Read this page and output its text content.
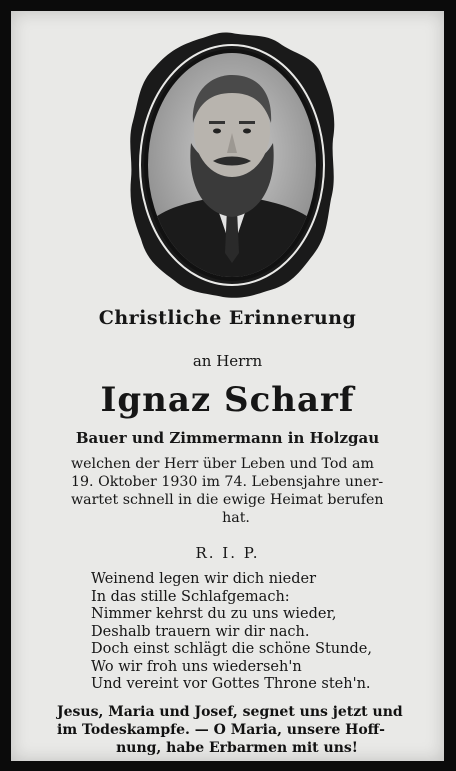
Christliche Erinnerung
an Herrn
Ignaz Scharf
Bauer und Zimmermann in Holzgau
welchen der Herr über Leben und Tod am
19. Oktober 1930 im 74. Lebensjahre uner-
wartet schnell in die ewige Heimat berufen
hat.
R. I. P.
Weinend legen wir dich nieder
In das stille Schlafgemach:
Nimmer kehrst du zu uns wieder,
Deshalb trauern wir dir nach.
Doch einst schlägt die schöne Stunde,
Wo wir froh uns wiederseh'n
Und vereint vor Gottes Throne steh'n.
Jesus, Maria und Josef, segnet uns jetzt und
im Todeskampfe. — O Maria, unsere Hoff-
nung, habe Erbarmen mit uns!
